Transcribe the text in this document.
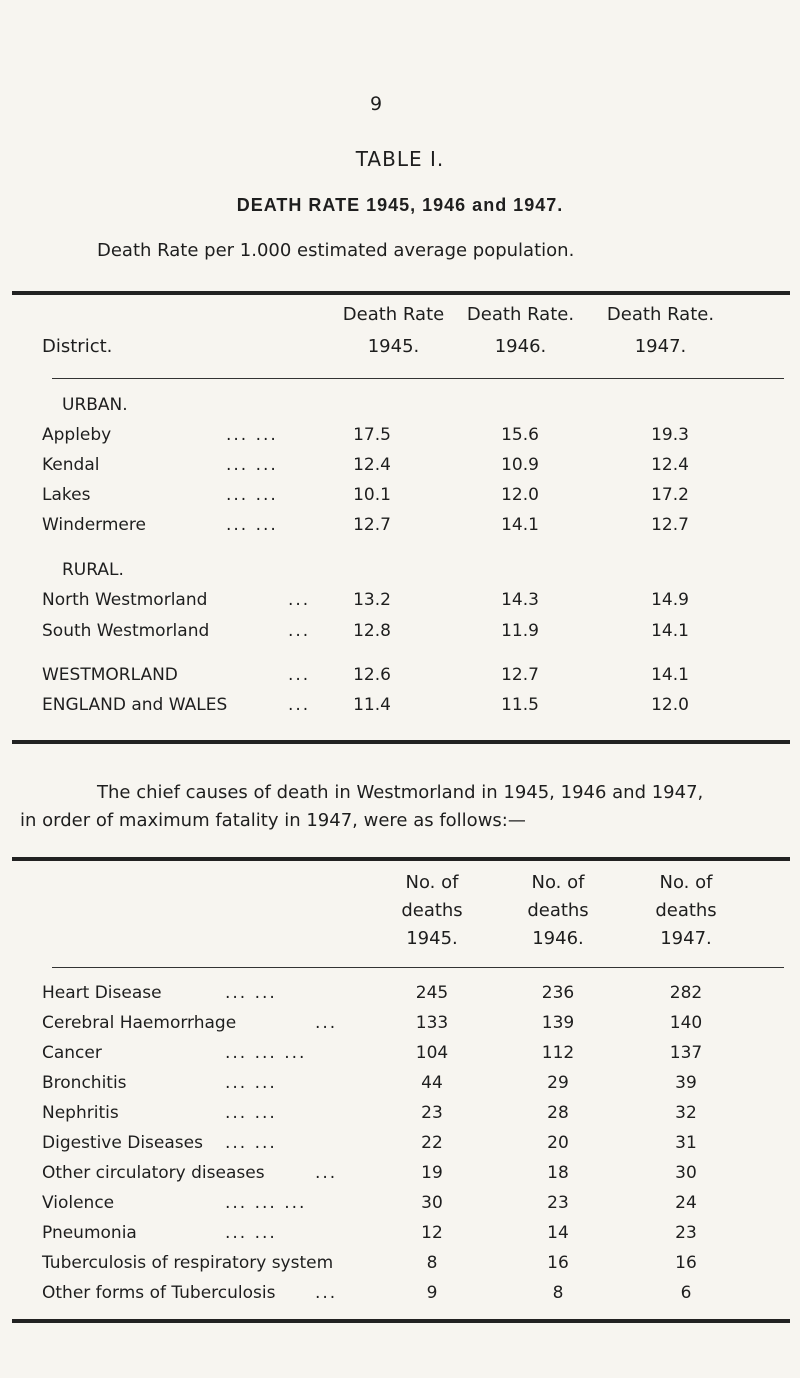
9
TABLE I.
DEATH RATE 1945, 1946 and 1947.
Death Rate per 1.000 estimated average population.
Death Rate	Death Rate.	Death Rate.
District.	1945.	1946.	1947.
URBAN.
Appleby	... ...	17.5	15.6	19.3
Kendal	... ...	12.4	10.9	12.4
Lakes	... ...	10.1	12.0	17.2
Windermere	... ...	12.7	14.1	12.7
RURAL.
North Westmorland	...	13.2	14.3	14.9
South Westmorland	...	12.8	11.9	14.1
WESTMORLAND	...	12.6	12.7	14.1
ENGLAND and WALES	...	11.4	11.5	12.0
The chief causes of death in Westmorland in 1945, 1946 and 1947,
in order of maximum fatality in 1947, were as follows:—
No. of
deaths
1945.
No. of
deaths
1946.
No. of
deaths
1947.
Heart Disease	... ...	245	236	282
Cerebral Haemorrhage	...	133	139	140
Cancer	... ... ...	104	112	137
Bronchitis	... ...	44	29	39
Nephritis	... ...	23	28	32
Digestive Diseases ... ...	22	20	31
Other circulatory diseases	...	19	18	30
Violence	... ... ...	30	23	24
Pneumonia	... ...	12	14	23
Tuberculosis of respiratory system	8	16	16
Other forms of Tuberculosis ...	9	8	6
